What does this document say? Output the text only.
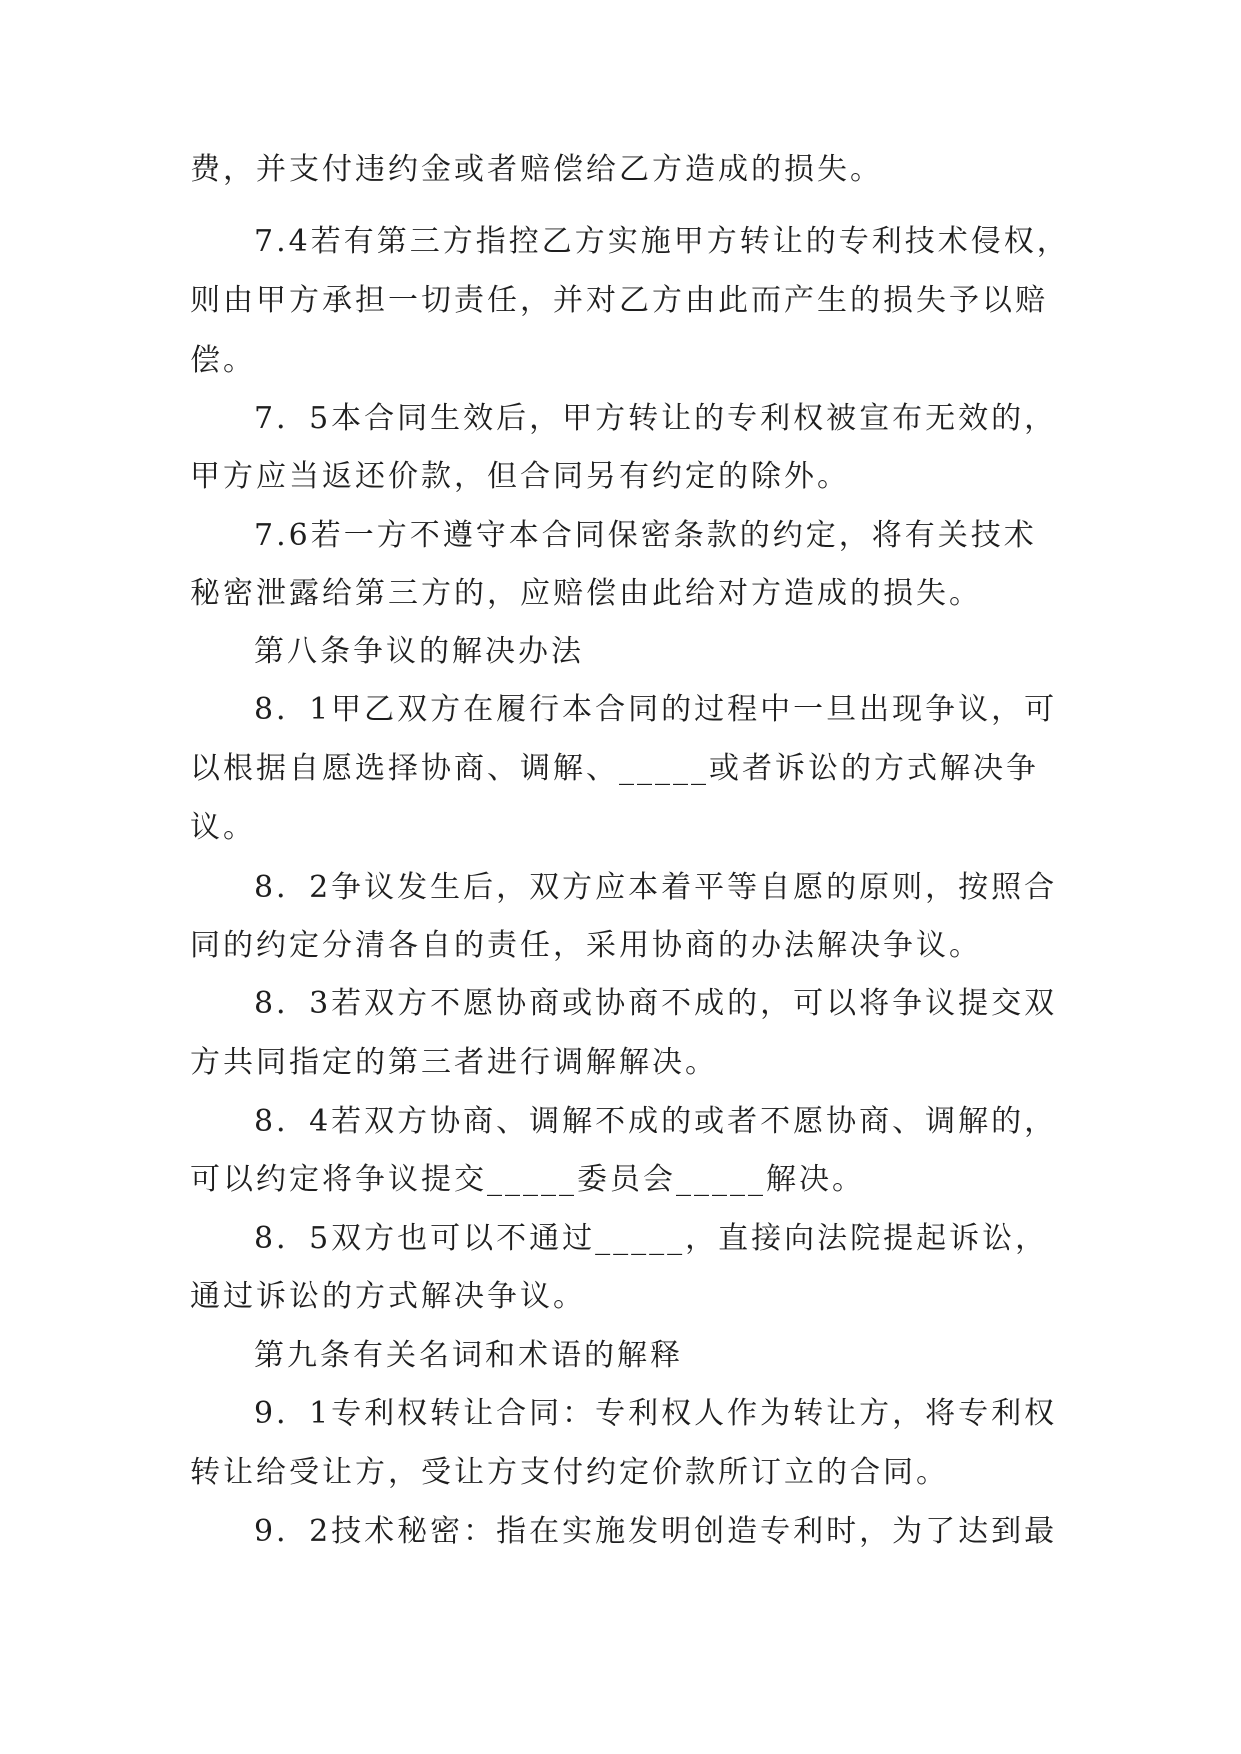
费，并支付违约金或者赔偿给乙方造成的损失。
7.4若有第三方指控乙方实施甲方转让的专利技术侵权，
则由甲方承担一切责任，并对乙方由此而产生的损失予以赔
偿。
7．5本合同生效后，甲方转让的专利权被宣布无效的，
甲方应当返还价款，但合同另有约定的除外。
7.6若一方不遵守本合同保密条款的约定，将有关技术
秘密泄露给第三方的，应赔偿由此给对方造成的损失。
第八条争议的解决办法
8．1甲乙双方在履行本合同的过程中一旦出现争议，可
以根据自愿选择协商、调解、_____或者诉讼的方式解决争
议。
8．2争议发生后，双方应本着平等自愿的原则，按照合
同的约定分清各自的责任，采用协商的办法解决争议。
8．3若双方不愿协商或协商不成的，可以将争议提交双
方共同指定的第三者进行调解解决。
8．4若双方协商、调解不成的或者不愿协商、调解的，
可以约定将争议提交_____委员会_____解决。
8．5双方也可以不通过_____，直接向法院提起诉讼，
通过诉讼的方式解决争议。
第九条有关名词和术语的解释
9．1专利权转让合同：专利权人作为转让方，将专利权
转让给受让方，受让方支付约定价款所订立的合同。
9．2技术秘密：指在实施发明创造专利时，为了达到最
